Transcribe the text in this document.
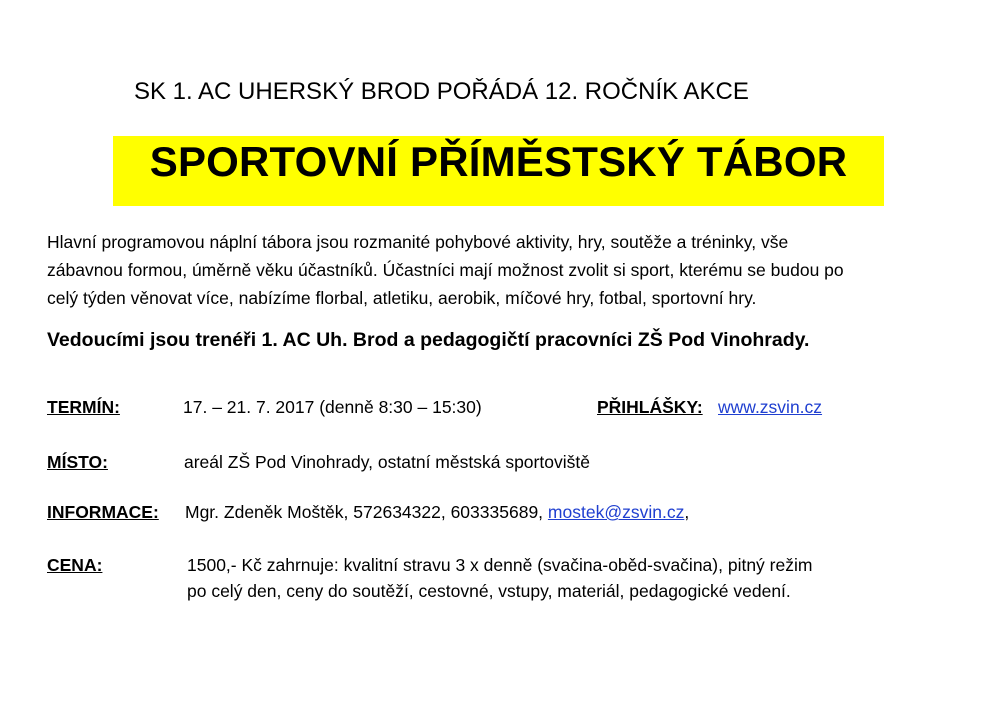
SK 1. AC UHERSKÝ BROD POŘÁDÁ 12. ROČNÍK AKCE
SPORTOVNÍ PŘÍMĚSTSKÝ TÁBOR
Hlavní programovou náplní tábora jsou rozmanité pohybové aktivity, hry, soutěže a tréninky, vše
zábavnou formou, úměrně věku účastníků. Účastníci mají možnost zvolit si sport, kterému se budou po
celý týden věnovat více, nabízíme florbal, atletiku, aerobik, míčové hry, fotbal, sportovní hry.
Vedoucími jsou trenéři 1. AC Uh. Brod a pedagogičtí pracovníci ZŠ Pod Vinohrady.
TERMÍN:	17. – 21. 7. 2017 (denně 8:30 – 15:30)	PŘIHLÁŠKY: www.zsvin.cz
MÍSTO:	areál ZŠ Pod Vinohrady, ostatní městská sportoviště
INFORMACE: Mgr. Zdeněk Moštěk, 572634322, 603335689, mostek@zsvin.cz,
CENA:	1500,- Kč zahrnuje: kvalitní stravu 3 x denně (svačina-oběd-svačina), pitný režim
po celý den, ceny do soutěží, cestovné, vstupy, materiál, pedagogické vedení.
